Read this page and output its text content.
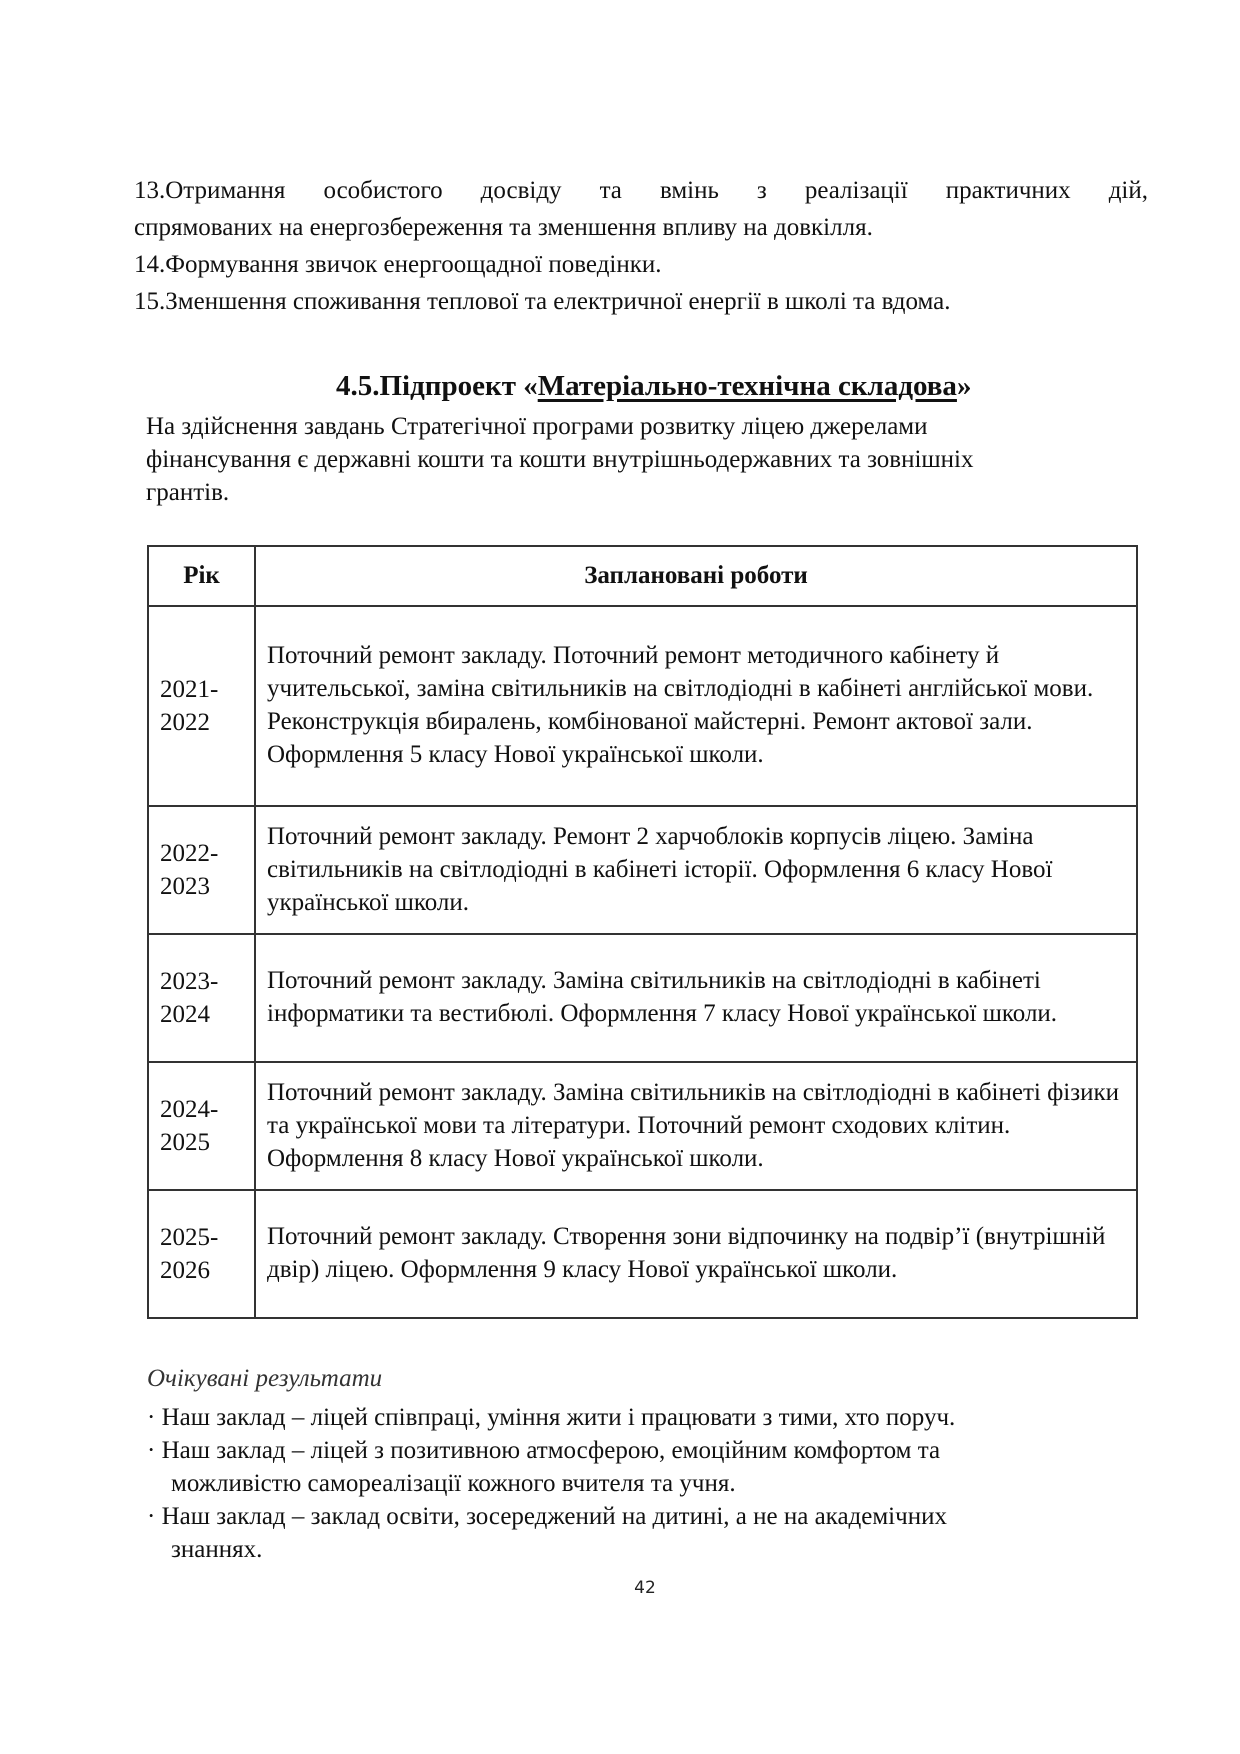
13.Отримання особистого досвіду та вмінь з реалізації практичних дій,

спрямованих на енергозбереження та зменшення впливу на довкілля.

14.Формування звичок енергоощадної поведінки.

15.Зменшення споживання теплової та електричної енергії в школі та вдома.

4.5.Підпроект «Матеріально-технічна складова»

На здійснення завдань Стратегічної програми розвитку ліцею джерелами

фінансування є державні кошти та кошти внутрішньодержавних та зовнішніх

грантів.

Рік	Заплановані роботи
2021-
2022	Поточний ремонт закладу. Поточний ремонт методичного кабінету й учительської, заміна світильників на світлодіодні в кабінеті англійської мови. Реконструкція вбиралень, комбінованої майстерні. Ремонт актової зали. Оформлення 5 класу Нової української школи.
2022-
2023	Поточний ремонт закладу. Ремонт 2 харчоблоків корпусів ліцею. Заміна світильників на світлодіодні в кабінеті історії. Оформлення 6 класу Нової української школи.
2023-
2024	Поточний ремонт закладу. Заміна світильників на світлодіодні в кабінеті інформатики та вестибюлі. Оформлення 7 класу Нової української школи.
2024-
2025	Поточний ремонт закладу. Заміна світильників на світлодіодні в кабінеті фізики та української мови та літератури. Поточний ремонт сходових клітин. Оформлення 8 класу Нової української школи.
2025-
2026	Поточний ремонт закладу. Створення зони відпочинку на подвір’ї (внутрішній двір) ліцею. Оформлення 9 класу Нової української школи.

Очікувані результати

· Наш заклад – ліцей співпраці, уміння жити і працювати з тими, хто поруч.

· Наш заклад – ліцей з позитивною атмосферою, емоційним комфортом та

можливістю самореалізації кожного вчителя та учня.

· Наш заклад – заклад освіти, зосереджений на дитині, а не на академічних

знаннях.

42
